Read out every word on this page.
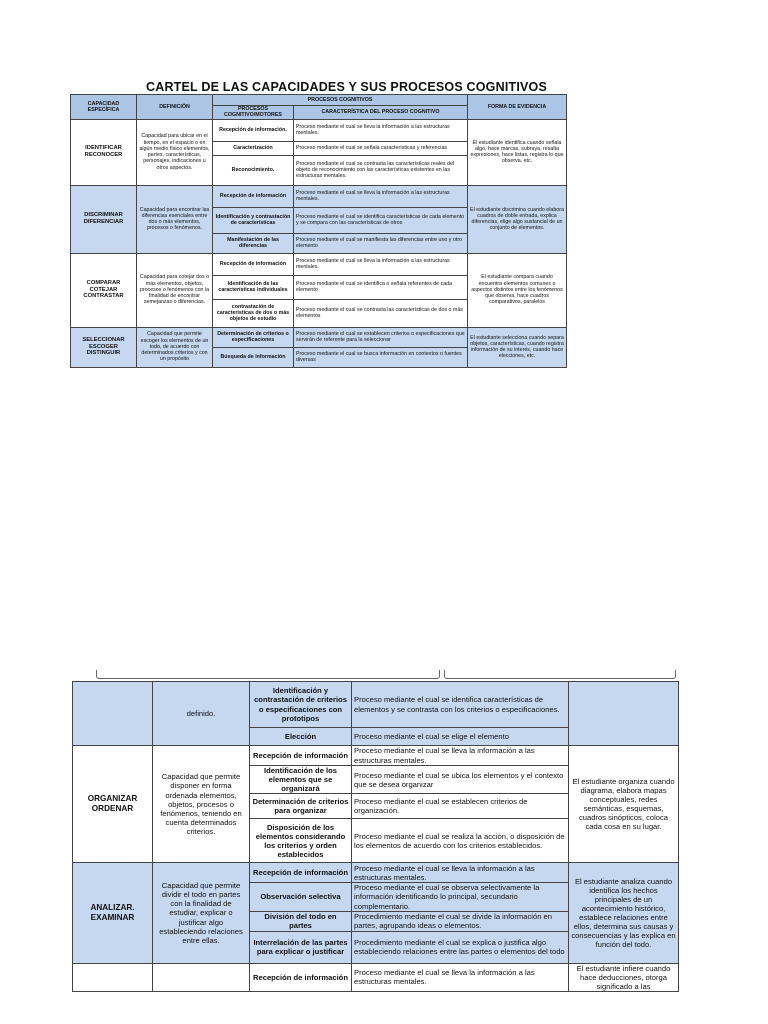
CARTEL DE LAS CAPACIDADES Y SUS PROCESOS COGNITIVOS
CAPACIDAD ESPECÍFICA	DEFINICIÓN	PROCESOS COGNITIVOS		FORMA DE EVIDENCIA
		PROCESOS COGNITIVO/MOTORES	CARACTERÍSTICA DEL PROCESO COGNITIVO	
IDENTIFICAR RECONOCER	Capacidad para ubicar en el tiempo, en el espacio o en algún medio físico elementos, partes, características, personajes, indicaciones u otros aspectos.	Recepción de información.	Proceso mediante el cual se lleva la información a las estructuras mentales.	El estudiante identifica cuando señala algo, hace marcas, subraya, resalta expresiones, hace listas, registra lo que observa, etc.
		Caracterización	Proceso mediante el cual se señala características y referencias	
		Reconocimiento.	Proceso mediante el cual se contrasta las características reales del objeto de reconocimiento con las características existentes en las estructuras mentales.	
DISCRIMINAR DIFERENCIAR	Capacidad para encontrar las diferencias esenciales entre dos o más elementos, procesos o fenómenos.	Recepción de información	Proceso mediante el cual se lleva la información a las estructuras mentales.	El estudiante discrimina cuando elabora cuadros de doble entrada, explica diferencias, elige algo sustancial de un conjunto de elementos.
		Identificación y contrastación de características	Proceso mediante el cual se identifica características de cada elemento y se compara con las características de otros	
		Manifestación de las diferencias	Proceso mediante el cual se manifiesta las diferencias entre uno y otro elemento	
COMPARAR COTEJAR CONTRASTAR	Capacidad para cotejar dos o más elementos, objetos, procesos o fenómenos con la finalidad de encontrar semejanzas o diferencias.	Recepción de información	Proceso mediante el cual se lleva la información a las estructuras mentales.	El estudiante compara cuando encuentra elementos comunes o aspectos distintos entre los fenómenos que observa, hace cuadros comparativos, paralelos
		Identificación de las características individuales	Proceso mediante el cual se identifica o señala referentes de cada elemento	
		contrastación de características de dos o más objetos de estudio	Proceso mediante el cual se contrasta las características de dos o más elementos	
SELECCIONAR ESCOGER DISTINGUIR	Capacidad que permite escoger los elementos de un todo, de acuerdo con determinados criterios y con un propósito	Determinación de criterios o especificaciones	Proceso mediante el cual se establecen criterios o especificaciones que servirán de referente para la seleccionar	El estudiante selecciona cuando separa objetos, características, cuando registra información de su interés, cuando hace elecciones, etc.
		Búsqueda de información	Proceso mediante el cual se busca información en contextos o fuentes diversas	
	definido.	Identificación y contrastación de criterios o especificaciones con prototipos	Proceso mediante el cual se identifica características de elementos y se contrasta con los criterios o especificaciones.	
		Elección	Proceso mediante el cual se elige el elemento	
ORGANIZAR ORDENAR	Capacidad que permite disponer en forma ordenada elementos, objetos, procesos o fenómenos, teniendo en cuenta determinados criterios.	Recepción de información	Proceso mediante el cual se lleva la información a las estructuras mentales.	El estudiante organiza cuando diagrama, elabora mapas conceptuales, redes semánticas, esquemas, cuadros sinópticos, coloca cada cosa en su lugar.
		Identificación de los elementos que se organizará	Proceso mediante el cual se ubica los elementos y el contexto que se desea organizar	
		Determinación de criterios para organizar	Proceso mediante el cual se establecen criterios de organización.	
		Disposición de los elementos considerando los criterios y orden establecidos	Proceso mediante el cual se realiza la acción, o disposición de los elementos de acuerdo con los criterios establecidos.	
ANALIZAR. EXAMINAR	Capacidad que permite dividir el todo en partes con la finalidad de estudiar, explicar o justificar algo estableciendo relaciones entre ellas.	Recepción de información	Proceso mediante el cual se lleva la información a las estructuras mentales.	El estudiante analiza cuando identifica los hechos principales de un acontecimiento histórico, establece relaciones entre ellos, determina sus causas y consecuencias y las explica en función del todo.
		Observación selectiva	Proceso mediante el cual se observa selectivamente la información identificando lo principal, secundario complementario.	
		División del todo en partes	Procedimiento mediante el cual se divide la información en partes, agrupando ideas o elementos.	
		Interrelación de las partes para explicar o justificar	Procedimiento mediante el cual se explica o justifica algo estableciendo relaciones entre las partes o elementos del todo	
		Recepción de información	Proceso mediante el cual se lleva la información a las estructuras mentales.	El estudiante infiere cuando hace deducciones, otorga significado a las
